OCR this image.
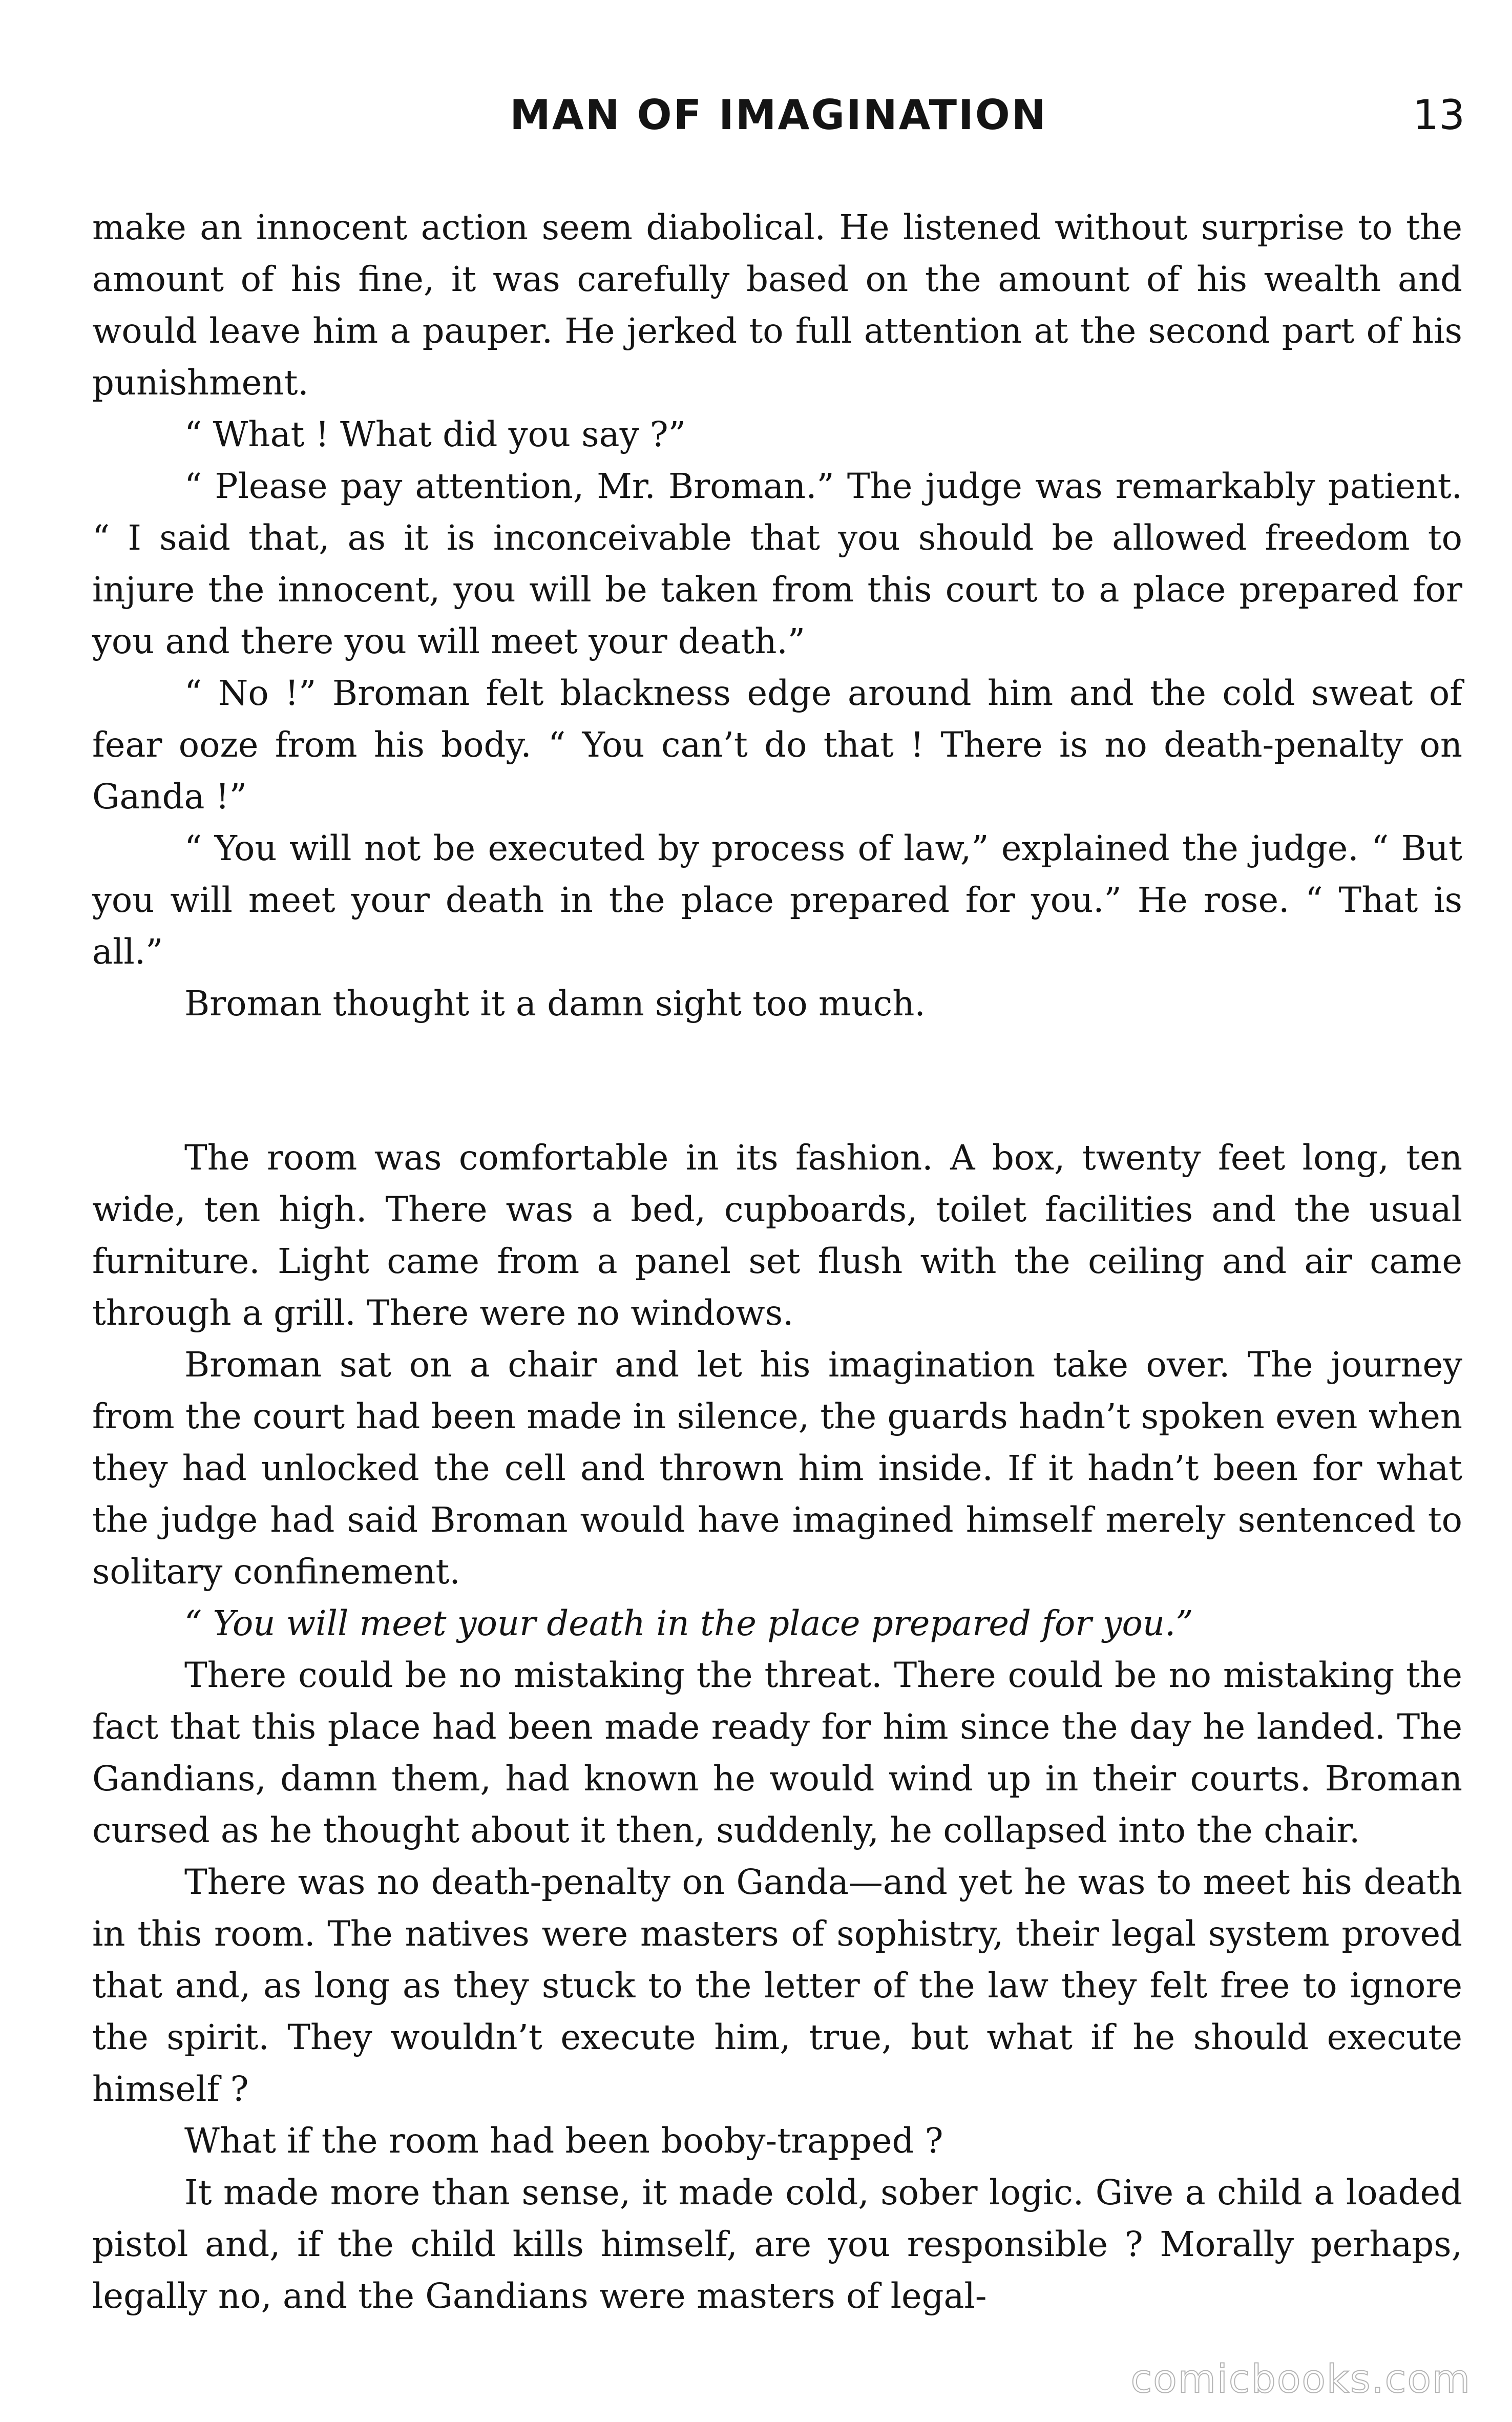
MAN OF IMAGINATION	13

make an innocent action seem diabolical. He listened without surprise to the amount of his fine, it was carefully based on the amount of his wealth and would leave him a pauper. He jerked to full attention at the second part of his punishment.

“ What ! What did you say ?”

“ Please pay attention, Mr. Broman.” The judge was remarkably patient. “ I said that, as it is inconceivable that you should be allowed freedom to injure the innocent, you will be taken from this court to a place prepared for you and there you will meet your death.”

“ No !” Broman felt blackness edge around him and the cold sweat of fear ooze from his body. “ You can’t do that ! There is no death-penalty on Ganda !”

“ You will not be executed by process of law,” explained the judge. “ But you will meet your death in the place prepared for you.” He rose. “ That is all.”

Broman thought it a damn sight too much.

The room was comfortable in its fashion. A box, twenty feet long, ten wide, ten high. There was a bed, cupboards, toilet facilities and the usual furniture. Light came from a panel set flush with the ceiling and air came through a grill. There were no windows.

Broman sat on a chair and let his imagination take over. The journey from the court had been made in silence, the guards hadn’t spoken even when they had unlocked the cell and thrown him inside. If it hadn’t been for what the judge had said Broman would have imagined himself merely sentenced to solitary confinement.

“ You will meet your death in the place prepared for you.”

There could be no mistaking the threat. There could be no mistaking the fact that this place had been made ready for him since the day he landed. The Gandians, damn them, had known he would wind up in their courts. Broman cursed as he thought about it then, suddenly, he collapsed into the chair.

There was no death-penalty on Ganda—and yet he was to meet his death in this room. The natives were masters of sophistry, their legal system proved that and, as long as they stuck to the letter of the law they felt free to ignore the spirit. They wouldn’t execute him, true, but what if he should execute himself ?

What if the room had been booby-trapped ?

It made more than sense, it made cold, sober logic. Give a child a loaded pistol and, if the child kills himself, are you responsible ? Morally perhaps, legally no, and the Gandians were masters of legal-

comicbooks.com
